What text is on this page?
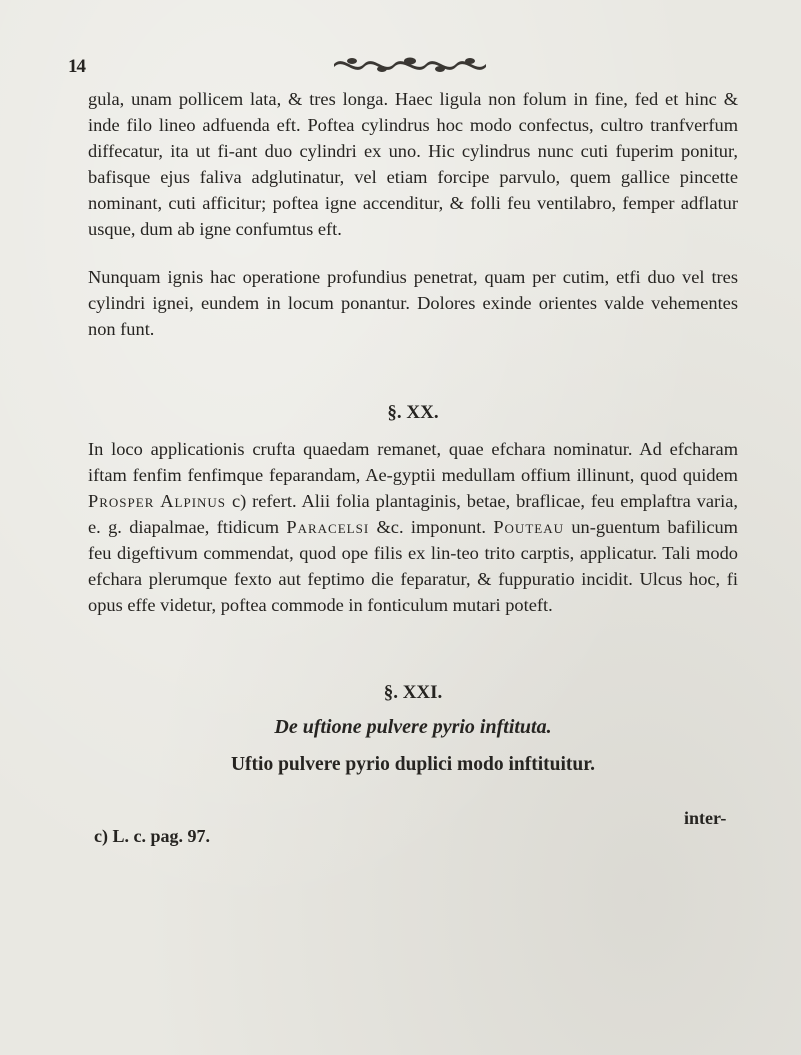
14

gula, unam pollicem lata, & tres longa. Haec ligula non folum in fine, fed et hinc & inde filo lineo adfuenda eft. Poftea cylindrus hoc modo confectus, cultro tranfverfum diffecatur, ita ut fi-ant duo cylindri ex uno. Hic cylindrus nunc cuti fuperim ponitur, bafisque ejus faliva adglutinatur, vel etiam forcipe parvulo, quem gallice pincette nominant, cuti afficitur; poftea igne accenditur, & folli feu ventilabro, femper adflatur usque, dum ab igne confumtus eft.

Nunquam ignis hac operatione profundius penetrat, quam per cutim, etfi duo vel tres cylindri ignei, eundem in locum ponantur. Dolores exinde orientes valde vehementes non funt.

§. XX.

In loco applicationis crufta quaedam remanet, quae efchara nominatur. Ad efcharam iftam fenfim fenfimque feparandam, Ae-gyptii medullam offium illinunt, quod quidem Prosper Alpinus c) refert. Alii folia plantaginis, betae, braflicae, feu emplaftra varia, e. g. diapalmae, ftidicum Paracelsi &c. imponunt. Pouteau un-guentum bafilicum feu digeftivum commendat, quod ope filis ex lin-teo trito carptis, applicatur. Tali modo efchara plerumque fexto aut feptimo die feparatur, & fuppuratio incidit. Ulcus hoc, fi opus effe videtur, poftea commode in fonticulum mutari poteft.

§. XXI.
De uftione pulvere pyrio inftituta.
Uftio pulvere pyrio duplici modo inftituitur.
inter-
c) L. c. pag. 97.
